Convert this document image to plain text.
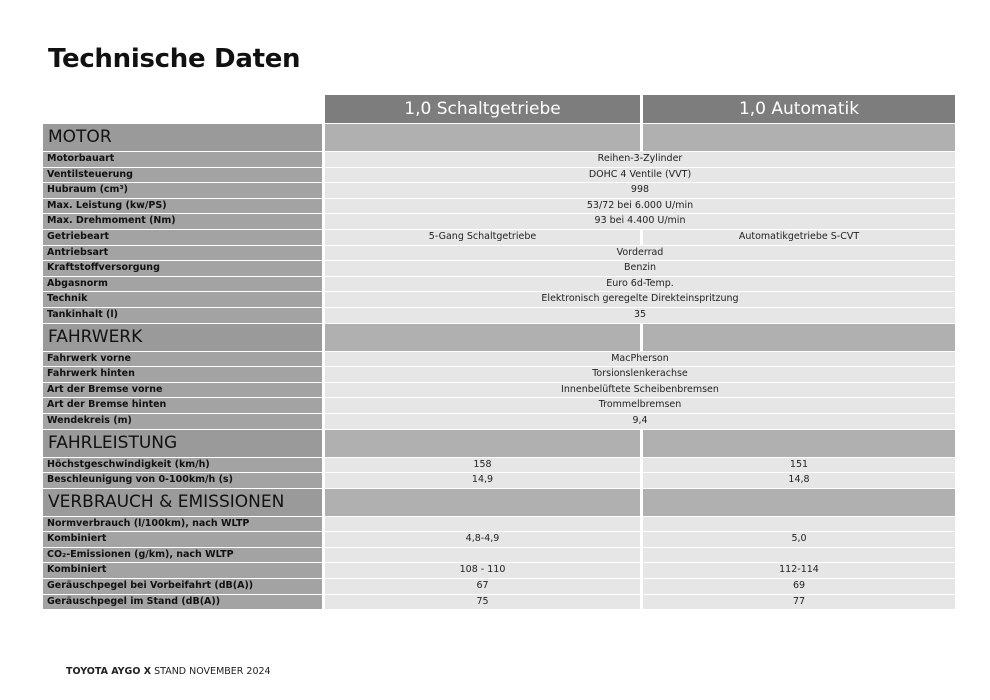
Technische Daten
1,0 Schaltgetriebe	1,0 Automatik
MOTOR
Motorbauart	Reihen-3-Zylinder
Ventilsteuerung	DOHC 4 Ventile (VVT)
Hubraum (cm³)	998
Max. Leistung (kw/PS)	53/72 bei 6.000 U/min
Max. Drehmoment (Nm)	93 bei 4.400 U/min
Getriebeart	5-Gang Schaltgetriebe	Automatikgetriebe S-CVT
Antriebsart	Vorderrad
Kraftstoffversorgung	Benzin
Abgasnorm	Euro 6d-Temp.
Technik	Elektronisch geregelte Direkteinspritzung
Tankinhalt (l)	35
FAHRWERK
Fahrwerk vorne	MacPherson
Fahrwerk hinten	Torsionslenkerachse
Art der Bremse vorne	Innenbelüftete Scheibenbremsen
Art der Bremse hinten	Trommelbremsen
Wendekreis (m)	9,4
FAHRLEISTUNG
Höchstgeschwindigkeit (km/h)	158	151
Beschleunigung von 0-100km/h (s)	14,9	14,8
VERBRAUCH & EMISSIONEN
Normverbrauch (l/100km), nach WLTP
Kombiniert	4,8-4,9	5,0
CO₂-Emissionen (g/km), nach WLTP
Kombiniert	108 - 110	112-114
Geräuschpegel bei Vorbeifahrt (dB(A))	67	69
Geräuschpegel im Stand (dB(A))	75	77
TOYOTA AYGO X STAND NOVEMBER 2024
